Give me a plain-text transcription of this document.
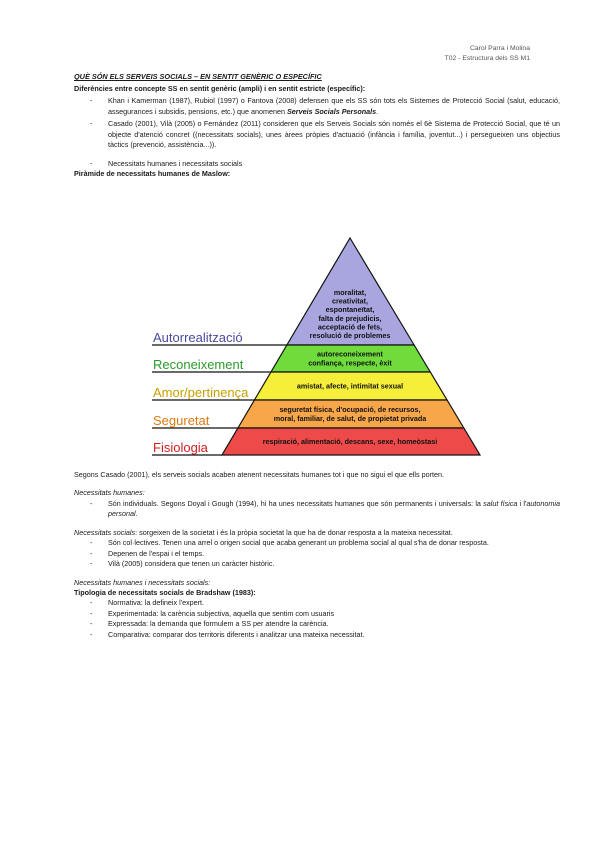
Carol Parra i Molina
T02 - Estructura dels SS M1
QUÈ SÓN ELS SERVEIS SOCIALS – EN SENTIT GENÈRIC O ESPECÍFIC
Diferències entre concepte SS en sentit genèric (ampli) i en sentit estricte (específic):
- Khan i Kamerman (1987), Rubiol (1997) o Fantova (2008) defensen que els SS són tots els Sistemes de Protecció Social (salut, educació, assegurances i subsidis, pensions, etc.) que anomenen Serveis Socials Personals.
- Casado (2001), Vilà (2005) o Fernández (2011) consideren que els Serveis Socials són només el 6è Sistema de Protecció Social, que té un objecte d'atenció concret ((necessitats socials), unes àrees pròpies d'actuació (infància i família, joventut...) i persegueixen uns objectius tàctics (prevenció, assistència...)).
- Necessitats humanes i necessitats socials
Piràmide de necessitats humanes de Maslow:
Autorrealització
moralitat,
creativitat,
espontaneïtat,
falta de prejudicis,
acceptació de fets,
resolució de problemes
Reconeixement
autoreconeixement
confiança, respecte, èxit
Amor/pertinença	amistat, afecte, intimitat sexual
Seguretat
seguretat física, d'ocupació, de recursos,
moral, familiar, de salut, de propietat privada
Fisiologia	respiració, alimentació, descans, sexe, homeòstasi
Segons Casado (2001), els serveis socials acaben atenent necessitats humanes tot i que no sigui el que ells porten.
Necessitats humanes:
- Són individuals. Segons Doyal i Gough (1994), hi ha unes necessitats humanes que són permanents i universals: la salut física i l'autonomia personal.
Necessitats socials: sorgeixen de la societat i és la pròpia societat la que ha de donar resposta a la mateixa necessitat.
- Són col·lectives. Tenen una arrel o origen social que acaba generant un problema social al qual s'ha de donar resposta.
- Depenen de l'espai i el temps.
- Vilà (2005) considera que tenen un caràcter històric.
Necessitats humanes i necessitats socials:
Tipologia de necessitats socials de Bradshaw (1983):
- Normativa: la defineix l'expert.
- Experimentada: la carència subjectiva, aquella que sentim com usuaris
- Expressada: la demanda que formulem a SS per atendre la carència.
- Comparativa: comparar dos territoris diferents i analitzar una mateixa necessitat.
